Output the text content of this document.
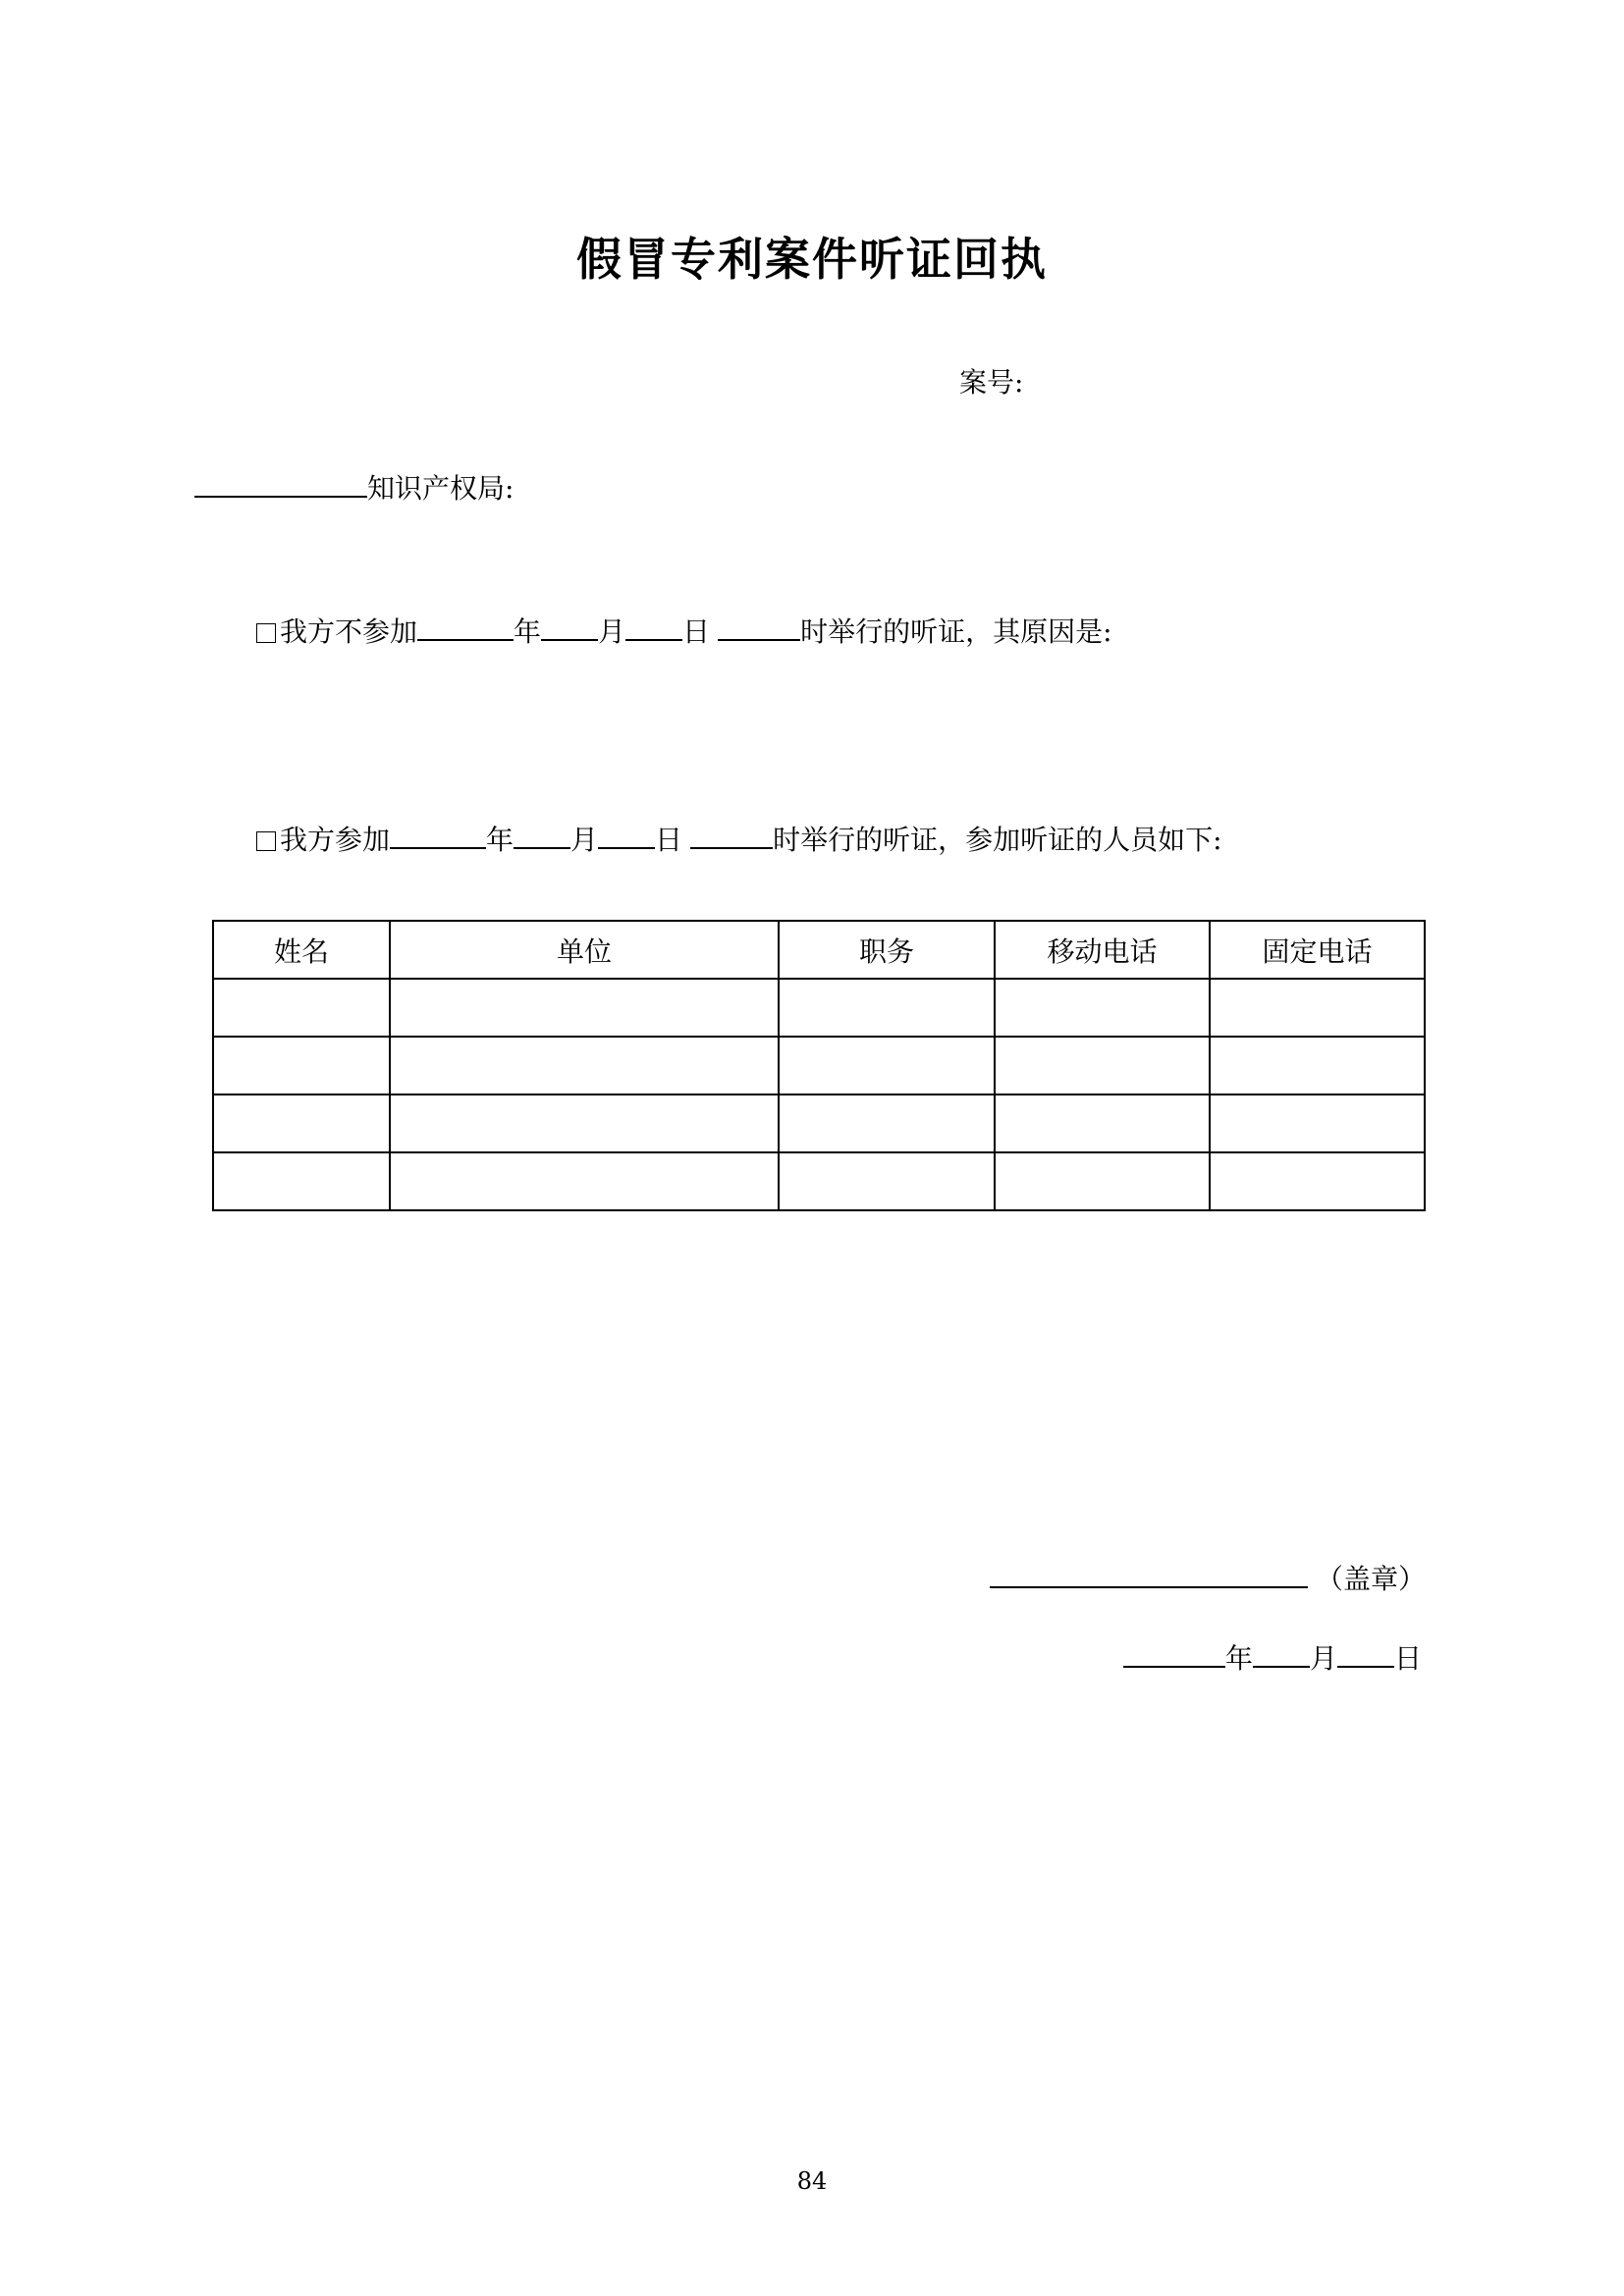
假冒专利案件听证回执
案号:
知识产权局:
我方不参加	年 月 日	时举行的听证，其原因是:
我方参加	年 月 日	时举行的听证，参加听证的人员如下:
姓名	单位	职务	移动电话	固定电话

（盖章）
年 月 日
84
